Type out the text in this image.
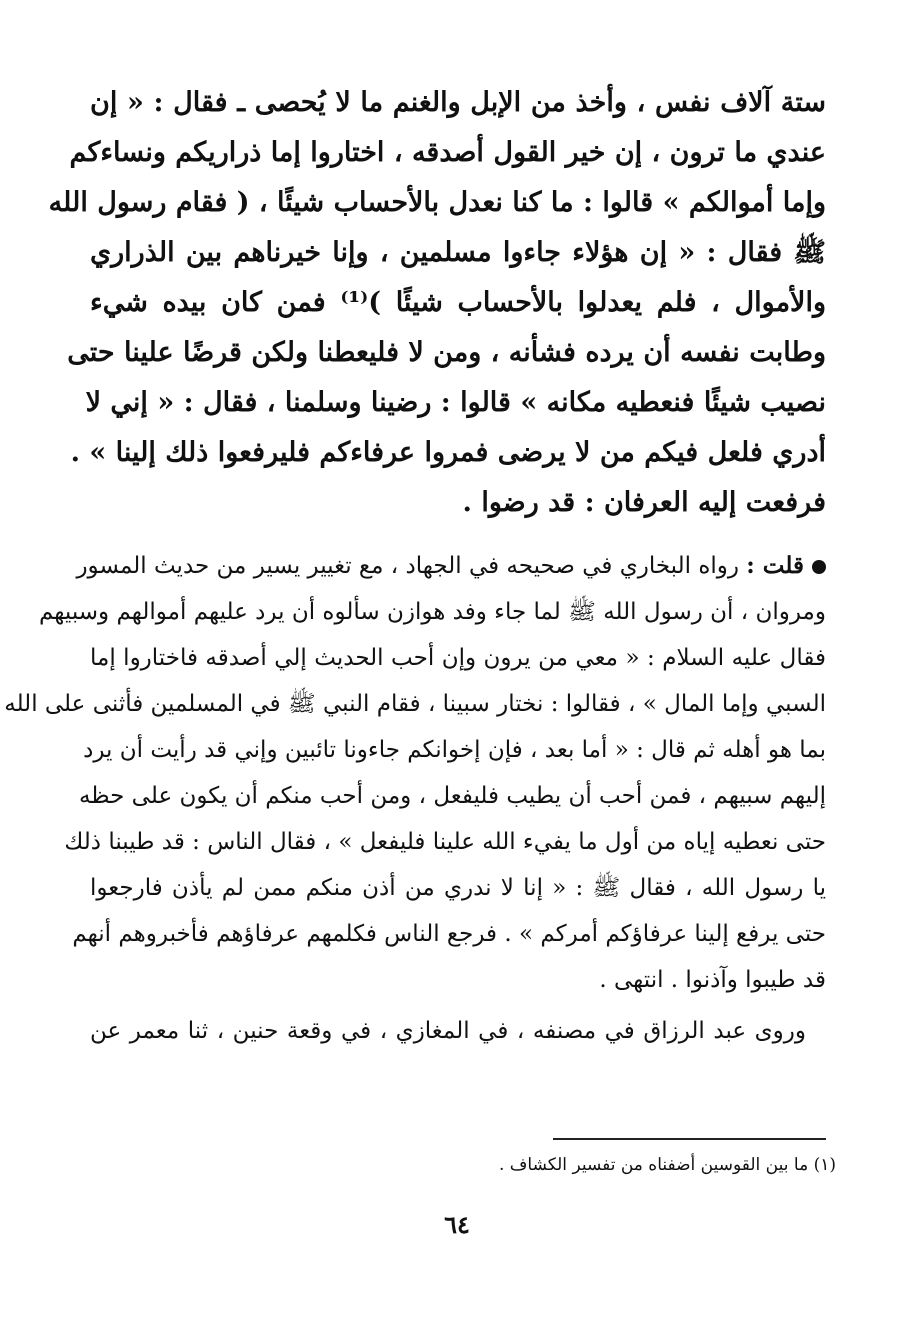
ستة آلاف نفس ، وأخذ من الإبل والغنم ما لا يُحصى ـ فقال : « إن
عندي ما ترون ، إن خير القول أصدقه ، اختاروا إما ذراريكم ونساءكم
وإما أموالكم » قالوا : ما كنا نعدل بالأحساب شيئًا ، ( فقام رسول الله
ﷺ فقال : « إن هؤلاء جاءوا مسلمين ، وإنا خيرناهم بين الذراري
والأموال ، فلم يعدلوا بالأحساب شيئًا )⁽¹⁾ فمن كان بيده شيء
وطابت نفسه أن يرده فشأنه ، ومن لا فليعطنا ولكن قرضًا علينا حتى
نصيب شيئًا فنعطيه مكانه » قالوا : رضينا وسلمنا ، فقال : « إني لا
أدري فلعل فيكم من لا يرضى فمروا عرفاءكم فليرفعوا ذلك إلينا » .
فرفعت إليه العرفان : قد رضوا .
قلت : رواه البخاري في صحيحه في الجهاد ، مع تغيير يسير من حديث المسور
ومروان ، أن رسول الله ﷺ لما جاء وفد هوازن سألوه أن يرد عليهم أموالهم وسبيهم
فقال عليه السلام : « معي من يرون وإن أحب الحديث إلي أصدقه فاختاروا إما
السبي وإما المال » ، فقالوا : نختار سبينا ، فقام النبي ﷺ في المسلمين فأثنى على الله
بما هو أهله ثم قال : « أما بعد ، فإن إخوانكم جاءونا تائبين وإني قد رأيت أن يرد
إليهم سبيهم ، فمن أحب أن يطيب فليفعل ، ومن أحب منكم أن يكون على حظه
حتى نعطيه إياه من أول ما يفيء الله علينا فليفعل » ، فقال الناس : قد طيبنا ذلك
يا رسول الله ، فقال ﷺ : « إنا لا ندري من أذن منكم ممن لم يأذن فارجعوا
حتى يرفع إلينا عرفاؤكم أمركم » . فرجع الناس فكلمهم عرفاؤهم فأخبروهم أنهم
قد طيبوا وآذنوا . انتهى .
وروى عبد الرزاق في مصنفه ، في المغازي ، في وقعة حنين ، ثنا معمر عن
(١) ما بين القوسين أضفناه من تفسير الكشاف .
٦٤
